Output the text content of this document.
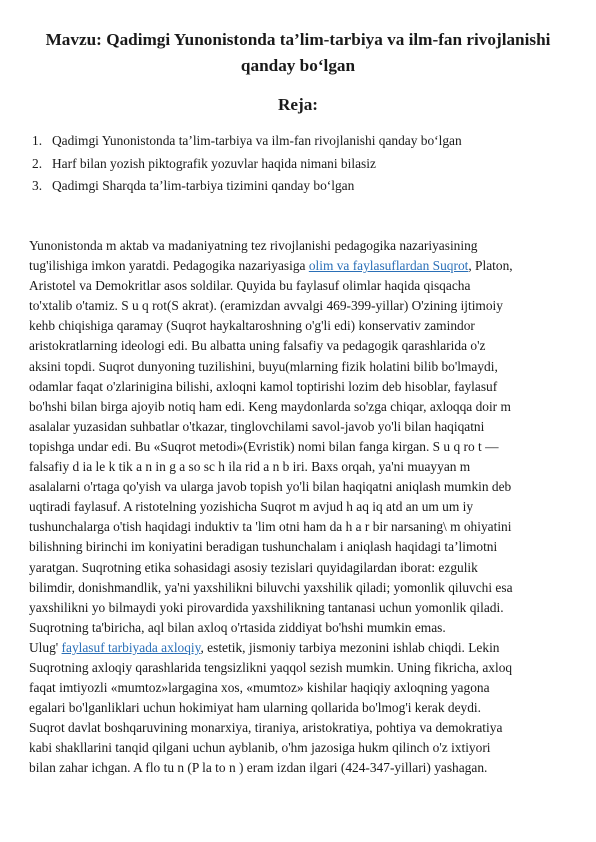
Mavzu: Qadimgi Yunonistonda ta’lim-tarbiya va ilm-fan rivojlanishi
qanday bo‘lgan
Reja:
1. Qadimgi Yunonistonda ta’lim-tarbiya va ilm-fan rivojlanishi qanday bo‘lgan
2. Harf bilan yozish piktografik yozuvlar haqida nimani bilasiz
3. Qadimgi Sharqda ta’lim-tarbiya tizimini qanday bo‘lgan
Yunonistonda m aktab va madaniyatning tez rivojlanishi pedagogika nazariyasining
tug'ilishiga imkon yaratdi. Pedagogika nazariyasiga olim va faylasuflardan Suqrot, Platon,
Aristotel va Demokritlar asos soldilar. Quyida bu faylasuf olimlar haqida qisqacha
to'xtalib o'tamiz. S u q rot(S akrat). (eramizdan avvalgi 469-399-yillar) O'zining ijtimoiy
kehb chiqishiga qaramay (Suqrot haykaltaroshning o'g'li edi) konservativ zamindor
aristokratlarning ideologi edi. Bu albatta uning falsafiy va pedagogik qarashlarida o'z
aksini topdi. Suqrot dunyoning tuzilishini, buyu(mlarning fizik holatini bilib bo'lmaydi,
odamlar faqat o'zlarinigina bilishi, axloqni kamol toptirishi lozim deb hisoblar, faylasuf
bo'hshi bilan birga ajoyib notiq ham edi. Keng maydonlarda so'zga chiqar, axloqqa doir m
asalalar yuzasidan suhbatlar o'tkazar, tinglovchilami savol-javob yo'li bilan haqiqatni
topishga undar edi. Bu «Suqrot metodi»(Evristik) nomi bilan fanga kirgan. S u q ro t —
falsafiy d ia le k tik a n in g a so sc h ila rid a n b iri. Baxs orqah, ya'ni muayyan m
asalalarni o'rtaga qo'yish va ularga javob topish yo'li bilan haqiqatni aniqlash mumkin deb
uqtiradi faylasuf. A ristotelning yozishicha Suqrot m avjud h aq iq atd an um um iy
tushunchalarga o'tish haqidagi induktiv ta 'lim otni ham da h a r bir narsaning\ m ohiyatini
bilishning birinchi im koniyatini beradigan tushunchalam i aniqlash haqidagi ta’limotni
yaratgan. Suqrotning etika sohasidagi asosiy tezislari quyidagilardan iborat: ezgulik
bilimdir, donishmandlik, ya'ni yaxshilikni biluvchi yaxshilik qiladi; yomonlik qiluvchi esa
yaxshilikni yo bilmaydi yoki pirovardida yaxshilikning tantanasi uchun yomonlik qiladi.
Suqrotning ta'biricha, aql bilan axloq o'rtasida ziddiyat bo'hshi mumkin emas.
Ulug' faylasuf tarbiyada axloqiy, estetik, jismoniy tarbiya mezonini ishlab chiqdi. Lekin
Suqrotning axloqiy qarashlarida tengsizlikni yaqqol sezish mumkin. Uning fikricha, axloq
faqat imtiyozli «mumtoz»largagina xos, «mumtoz» kishilar haqiqiy axloqning yagona
egalari bo'lganliklari uchun hokimiyat ham ularning qollarida bo'lmog'i kerak deydi.
Suqrot davlat boshqaruvining monarxiya, tiraniya, aristokratiya, pohtiya va demokratiya
kabi shakllarini tanqid qilgani uchun ayblanib, o'hm jazosiga hukm qilinch o'z ixtiyori
bilan zahar ichgan. A flo tu n (P la to n ) eram izdan ilgari (424-347-yillari) yashagan.
